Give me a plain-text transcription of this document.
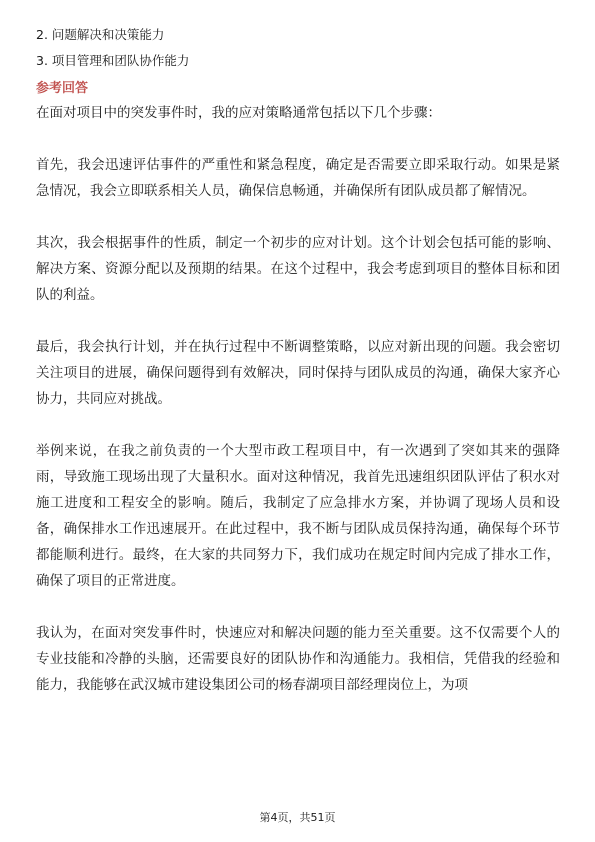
2. 问题解决和决策能力
3. 项目管理和团队协作能力
参考回答

在面对项目中的突发事件时，我的应对策略通常包括以下几个步骤：

首先，我会迅速评估事件的严重性和紧急程度，确定是否需要立即采取行动。如果是紧急情况，我会立即联系相关人员，确保信息畅通，并确保所有团队成员都了解情况。

其次，我会根据事件的性质，制定一个初步的应对计划。这个计划会包括可能的影响、解决方案、资源分配以及预期的结果。在这个过程中，我会考虑到项目的整体目标和团队的利益。

最后，我会执行计划，并在执行过程中不断调整策略，以应对新出现的问题。我会密切关注项目的进展，确保问题得到有效解决，同时保持与团队成员的沟通，确保大家齐心协力，共同应对挑战。

举例来说，在我之前负责的一个大型市政工程项目中，有一次遇到了突如其来的强降雨，导致施工现场出现了大量积水。面对这种情况，我首先迅速组织团队评估了积水对施工进度和工程安全的影响。随后，我制定了应急排水方案，并协调了现场人员和设备，确保排水工作迅速展开。在此过程中，我不断与团队成员保持沟通，确保每个环节都能顺利进行。最终，在大家的共同努力下，我们成功在规定时间内完成了排水工作，确保了项目的正常进度。

我认为，在面对突发事件时，快速应对和解决问题的能力至关重要。这不仅需要个人的专业技能和冷静的头脑，还需要良好的团队协作和沟通能力。我相信，凭借我的经验和能力，我能够在武汉城市建设集团公司的杨春湖项目部经理岗位上，为项

第4页，共51页
